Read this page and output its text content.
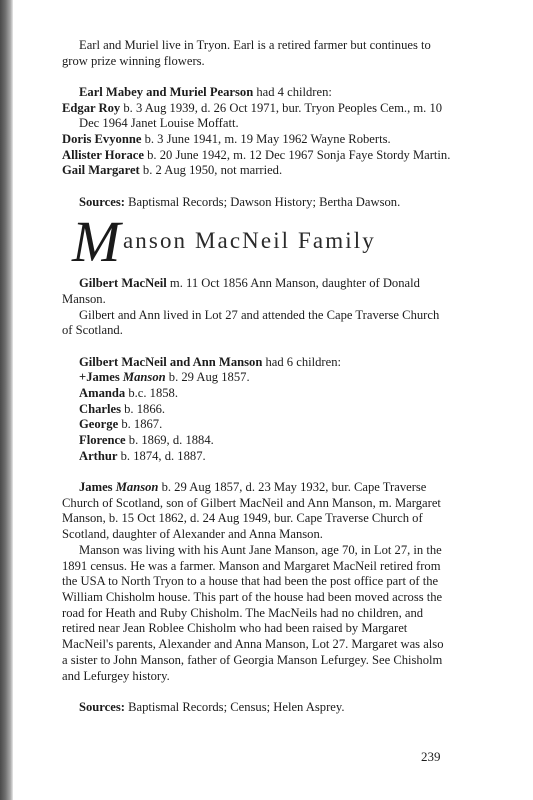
Earl and Muriel live in Tryon. Earl is a retired farmer but continues to grow prize winning flowers.

Earl Mabey and Muriel Pearson had 4 children:

Edgar Roy b. 3 Aug 1939, d. 26 Oct 1971, bur. Tryon Peoples Cem., m. 10 Dec 1964 Janet Louise Moffatt.

Doris Evyonne b. 3 June 1941, m. 19 May 1962 Wayne Roberts.

Allister Horace b. 20 June 1942, m. 12 Dec 1967 Sonja Faye Stordy Martin.

Gail Margaret b. 2 Aug 1950, not married.

Sources: Baptismal Records; Dawson History; Bertha Dawson.

M anson MacNeil Family

Gilbert MacNeil m. 11 Oct 1856 Ann Manson, daughter of Donald Manson.

Gilbert and Ann lived in Lot 27 and attended the Cape Traverse Church of Scotland.

Gilbert MacNeil and Ann Manson had 6 children:

+James Manson b. 29 Aug 1857.

Amanda b.c. 1858.

Charles b. 1866.

George b. 1867.

Florence b. 1869, d. 1884.

Arthur b. 1874, d. 1887.

James Manson b. 29 Aug 1857, d. 23 May 1932, bur. Cape Traverse Church of Scotland, son of Gilbert MacNeil and Ann Manson, m. Margaret Manson, b. 15 Oct 1862, d. 24 Aug 1949, bur. Cape Traverse Church of Scotland, daughter of Alexander and Anna Manson.

Manson was living with his Aunt Jane Manson, age 70, in Lot 27, in the 1891 census. He was a farmer. Manson and Margaret MacNeil retired from the USA to North Tryon to a house that had been the post office part of the William Chisholm house. This part of the house had been moved across the road for Heath and Ruby Chisholm. The MacNeils had no children, and retired near Jean Roblee Chisholm who had been raised by Margaret MacNeil's parents, Alexander and Anna Manson, Lot 27. Margaret was also a sister to John Manson, father of Georgia Manson Lefurgey. See Chisholm and Lefurgey history.

Sources: Baptismal Records; Census; Helen Asprey.

239
